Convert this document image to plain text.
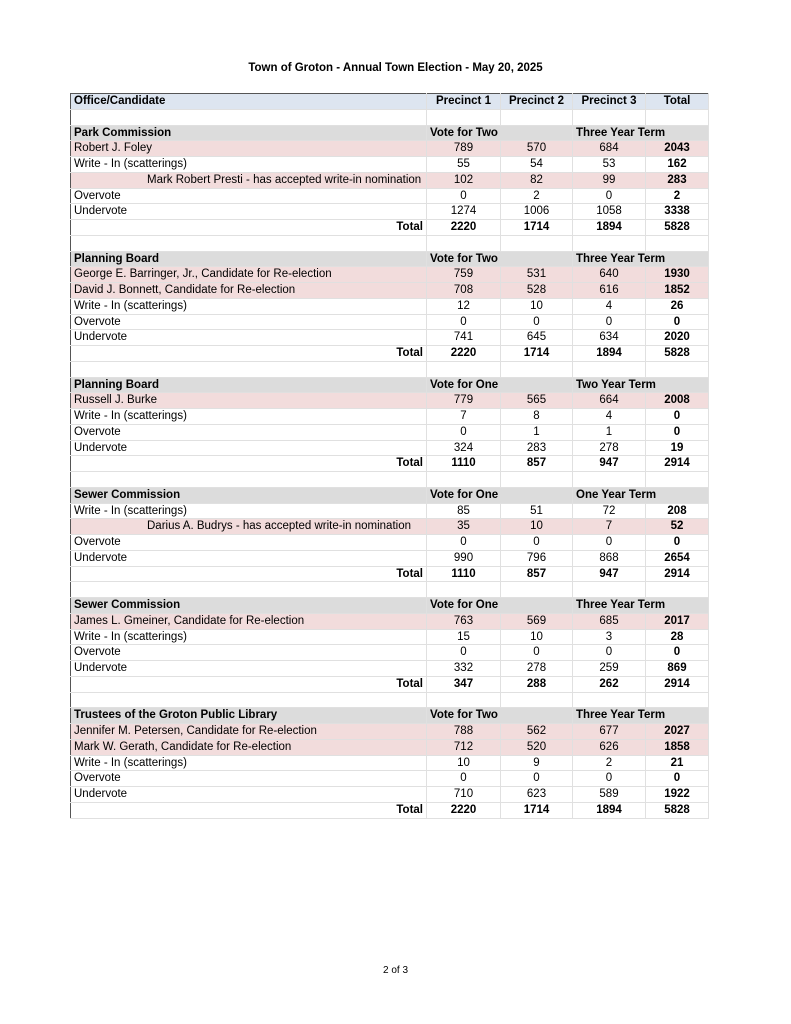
Town of Groton - Annual Town Election - May 20, 2025
Office/Candidate	Precinct 1	Precinct 2	Precinct 3	Total

Park Commission	Vote for Two		Three Year Term	
Robert J. Foley	789	570	684	2043
Write - In (scatterings)	55	54	53	162
Mark Robert Presti - has accepted write-in nomination	102	82	99	283
Overvote	0	2	0	2
Undervote	1274	1006	1058	3338
Total	2220	1714	1894	5828

Planning Board	Vote for Two		Three Year Term	
George E. Barringer, Jr., Candidate for Re-election	759	531	640	1930
David J. Bonnett, Candidate for Re-election	708	528	616	1852
Write - In (scatterings)	12	10	4	26
Overvote	0	0	0	0
Undervote	741	645	634	2020
Total	2220	1714	1894	5828

Planning Board	Vote for One		Two Year Term	
Russell J. Burke	779	565	664	2008
Write - In (scatterings)	7	8	4	0
Overvote	0	1	1	0
Undervote	324	283	278	19
Total	1110	857	947	2914

Sewer Commission	Vote for One		One Year Term	
Write - In (scatterings)	85	51	72	208
Darius A. Budrys - has accepted write-in nomination	35	10	7	52
Overvote	0	0	0	0
Undervote	990	796	868	2654
Total	1110	857	947	2914

Sewer Commission	Vote for One		Three Year Term	
James L. Gmeiner, Candidate for Re-election	763	569	685	2017
Write - In (scatterings)	15	10	3	28
Overvote	0	0	0	0
Undervote	332	278	259	869
Total	347	288	262	2914

Trustees of the Groton Public Library	Vote for Two		Three Year Term	
Jennifer M. Petersen, Candidate for Re-election	788	562	677	2027
Mark W. Gerath, Candidate for Re-election	712	520	626	1858
Write - In (scatterings)	10	9	2	21
Overvote	0	0	0	0
Undervote	710	623	589	1922
Total	2220	1714	1894	5828
2 of 3
